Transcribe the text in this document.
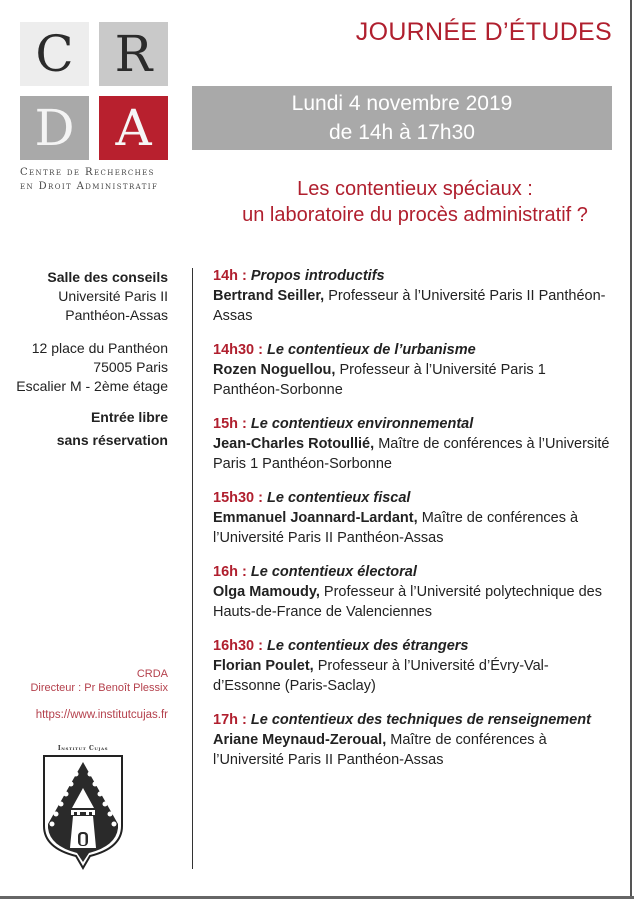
C R
D A
Centre de Recherches
en Droit Administratif
JOURNÉE D’ÉTUDES
Lundi 4 novembre 2019
de 14h à 17h30
Les contentieux spéciaux :
un laboratoire du procès administratif ?
Salle des conseils
Université Paris II
Panthéon-Assas
12 place du Panthéon
75005 Paris
Escalier M - 2ème étage
Entrée libre
sans réservation
14h : Propos introductifs
Bertrand Seiller, Professeur à l’Université Paris II Panthéon-Assas
14h30 : Le contentieux de l’urbanisme
Rozen Noguellou, Professeur à l’Université Paris 1 Panthéon-Sorbonne
15h : Le contentieux environnemental
Jean-Charles Rotoullié, Maître de conférences à l’Université Paris 1 Panthéon-Sorbonne
15h30 : Le contentieux fiscal
Emmanuel Joannard-Lardant, Maître de conférences à l’Université Paris II Panthéon-Assas
16h : Le contentieux électoral
Olga Mamoudy, Professeur à l’Université polytechnique des Hauts-de-France de Valenciennes
16h30 : Le contentieux des étrangers
Florian Poulet, Professeur à l’Université d’Évry-Val-d’Essonne (Paris-Saclay)
17h : Le contentieux des techniques de renseignement
Ariane Meynaud-Zeroual, Maître de conférences à l’Université Paris II Panthéon-Assas
CRDA
Directeur : Pr Benoît Plessix
https://www.institutcujas.fr
Institut Cujas
